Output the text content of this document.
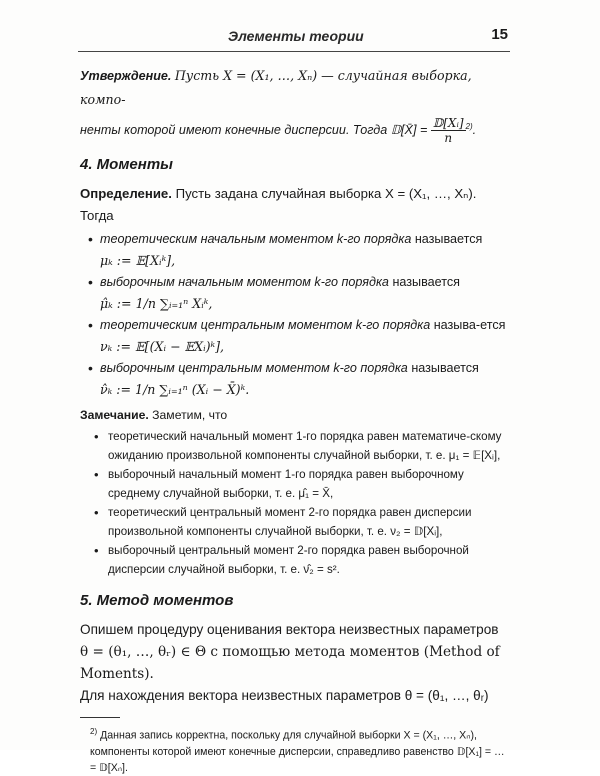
Элементы теории	15

Утверждение. Пусть X = (X₁, …, Xₙ) — случайная выборка, компо-

ненты которой имеют конечные дисперсии. Тогда 𝔻[X̄] = $\frac{\text{𝔻[Xᵢ]}}{n} ^{2)}$.

4. Моменты

Определение. Пусть задана случайная выборка X = (X₁, …, Xₙ).

Тогда

• теоретическим начальным моментом k-го порядка называется
μₖ := 𝔼[Xᵢᵏ],
• выборочным начальным моментом k-го порядка называется
μ̂ₖ := 1/n ∑ᵢ₌₁ⁿ Xᵢᵏ,
• теоретическим центральным моментом k-го порядка называ-ется
νₖ := 𝔼[(Xᵢ − 𝔼Xᵢ)ᵏ],
• выборочным центральным моментом k-го порядка называется
ν̂ₖ := 1/n ∑ᵢ₌₁ⁿ (Xᵢ − X̄)ᵏ.
Замечание. Заметим, что
• теоретический начальный момент 1-го порядка равен математиче-скому ожиданию произвольной компоненты случайной выборки, т. е. μ₁ = 𝔼[Xᵢ],
• выборочный начальный момент 1-го порядка равен выборочному среднему случайной выборки, т. е. μ̂₁ = X̄,
• теоретический центральный момент 2-го порядка равен дисперсии произвольной компоненты случайной выборки, т. е. ν₂ = 𝔻[Xᵢ],
• выборочный центральный момент 2-го порядка равен выборочной дисперсии случайной выборки, т. е. ν̂₂ = s².
5. Метод моментов

Опишем процедуру оценивания вектора неизвестных параметров

θ = (θ₁, …, θᵣ) ∈ Θ с помощью метода моментов (Method of Moments).

Для нахождения вектора неизвестных параметров θ = (θ₁, …, θᵣ)

$^{2)}$ Данная запись корректна, поскольку для случайной выборки X = (X₁, …, Xₙ), компоненты которой имеют конечные дисперсии, справедливо равенство 𝔻[X₁] = … = 𝔻[Xₙ].
